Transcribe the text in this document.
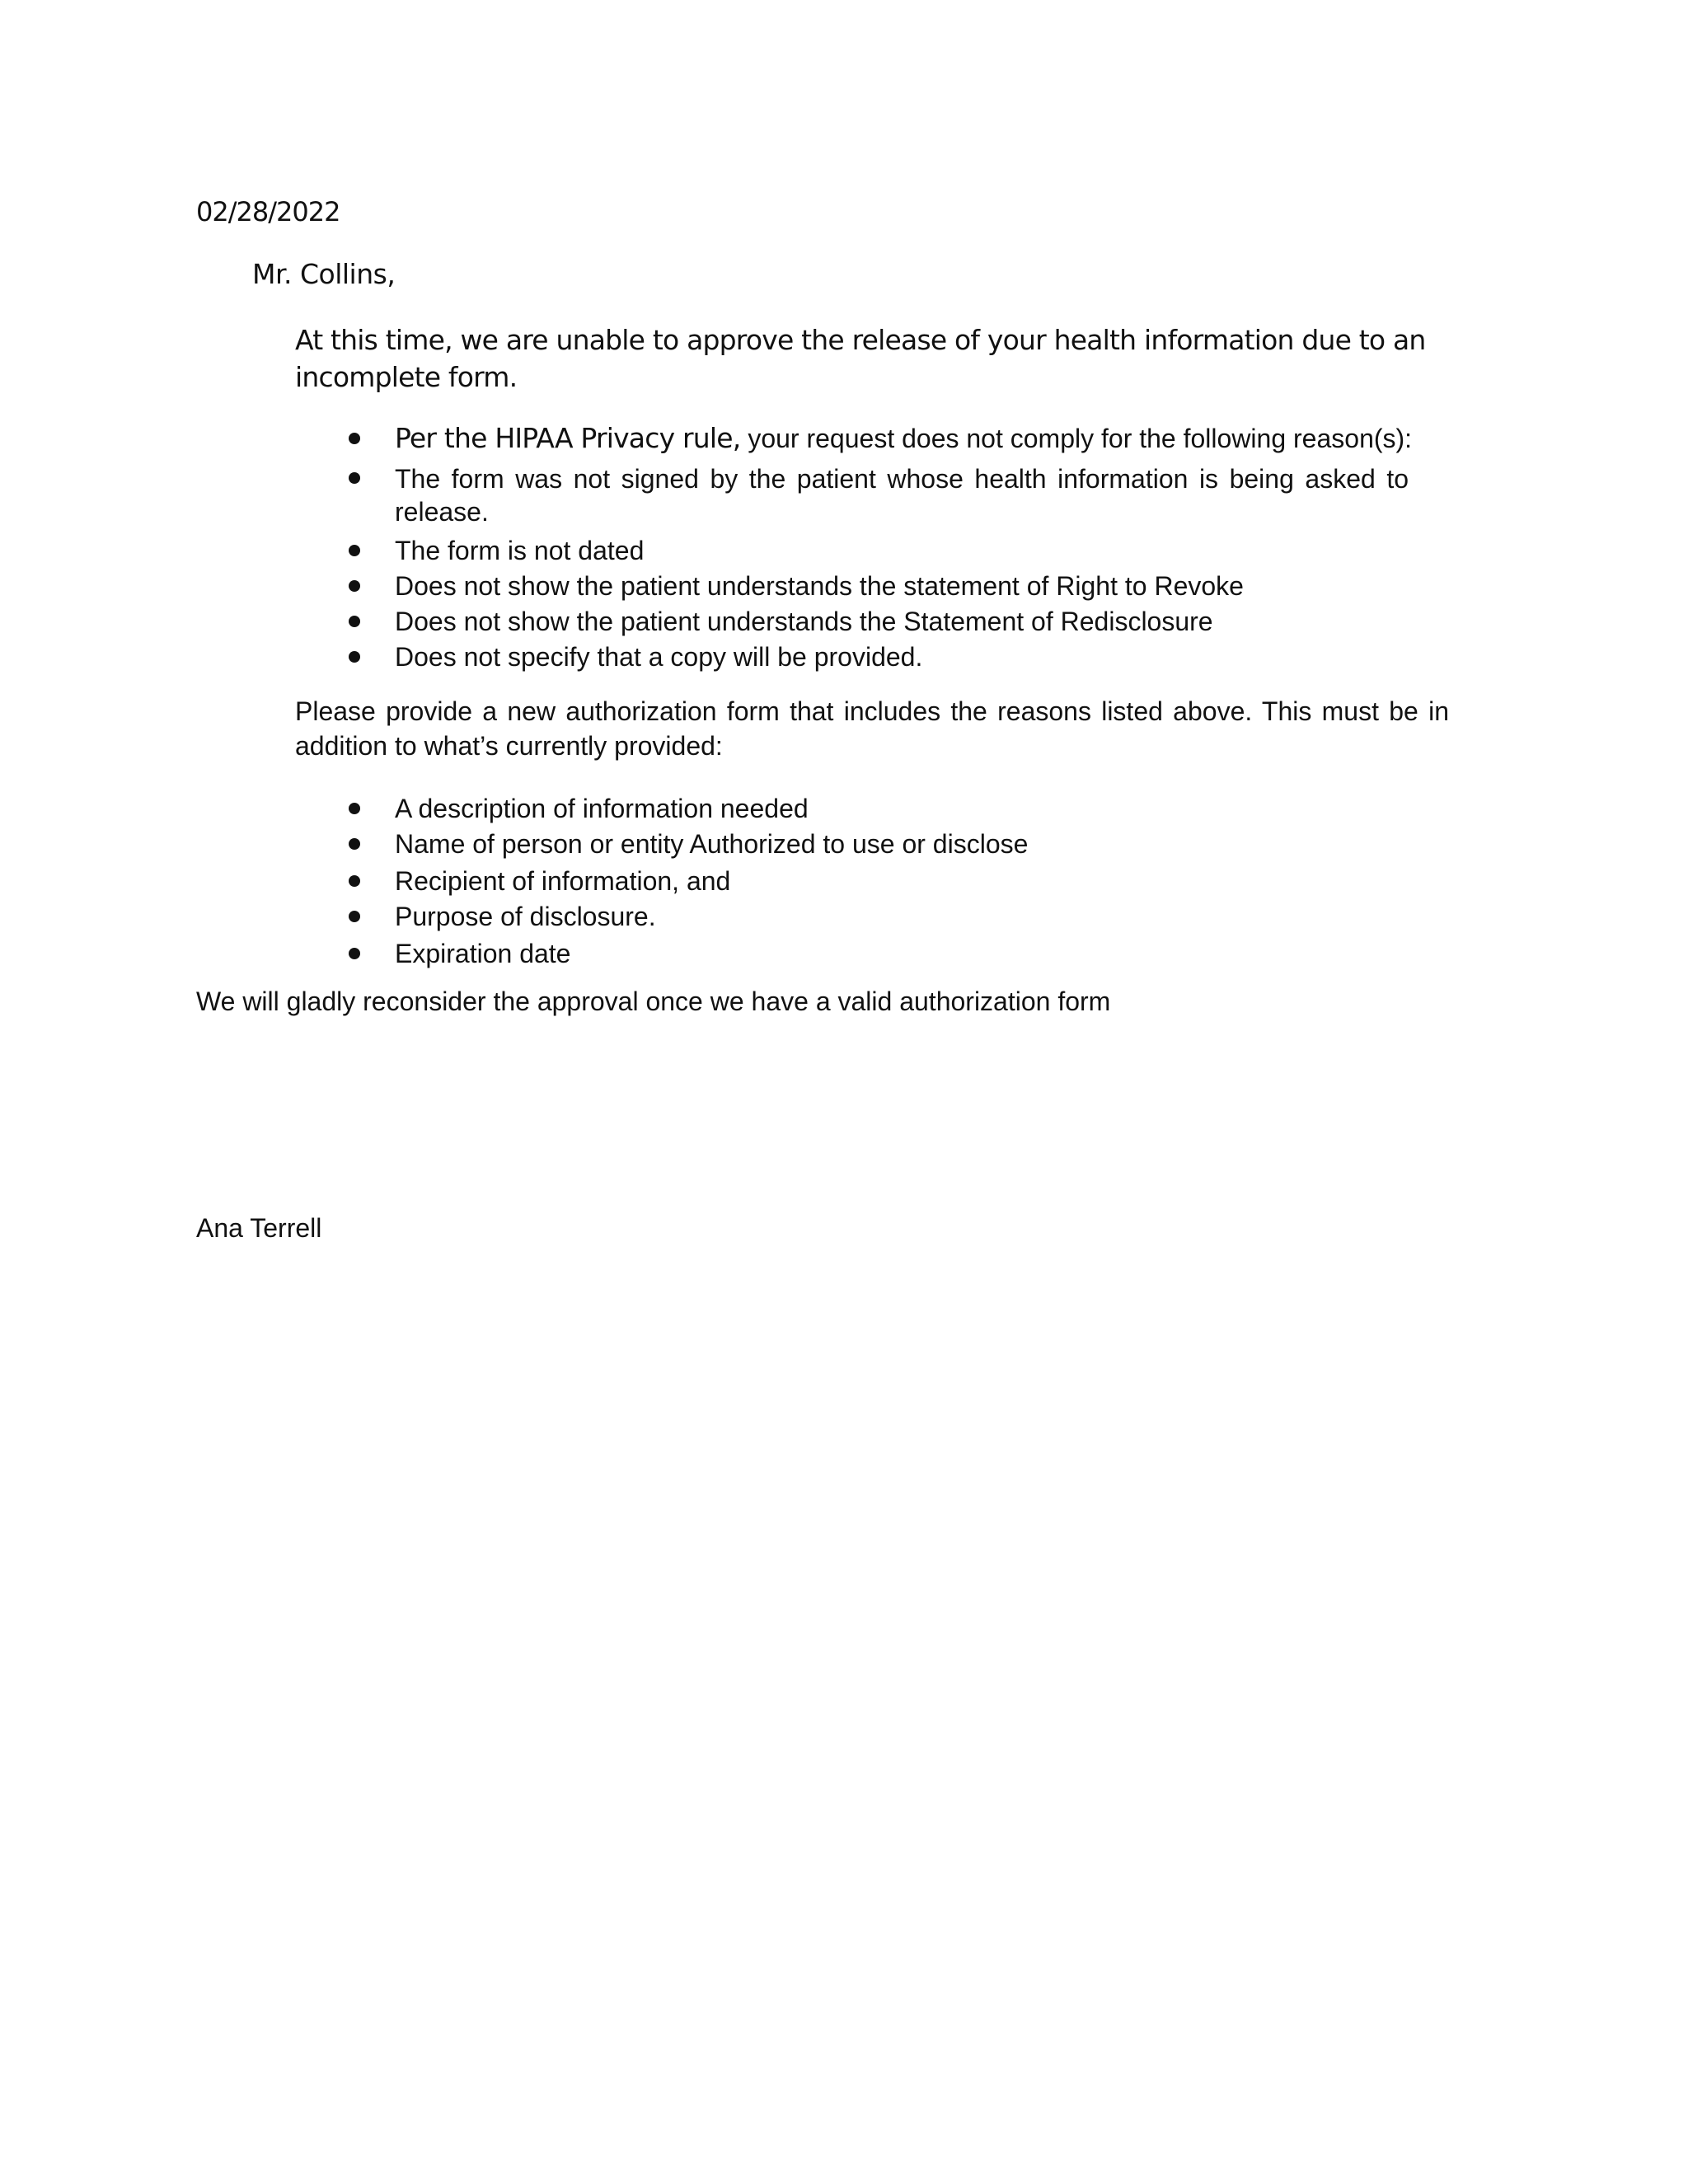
02/28/2022
Mr. Collins,
At this time, we are unable to approve the release of your health information due to an incomplete form.
Per the HIPAA Privacy rule, your request does not comply for the following reason(s):
The form was not signed by the patient whose health information is being asked to release.
The form is not dated
Does not show the patient understands the statement of Right to Revoke
Does not show the patient understands the Statement of Redisclosure
Does not specify that a copy will be provided.
Please provide a new authorization form that includes the reasons listed above. This must be in addition to what’s currently provided:
A description of information needed
Name of person or entity Authorized to use or disclose
Recipient of information, and
Purpose of disclosure.
Expiration date
We will gladly reconsider the approval once we have a valid authorization form
Ana Terrell
